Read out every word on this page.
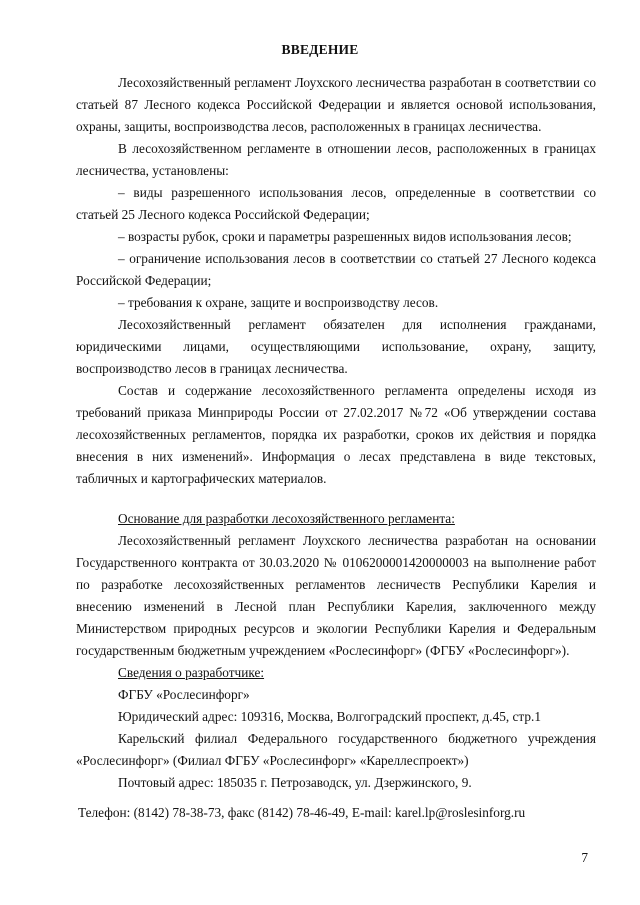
ВВЕДЕНИЕ

Лесохозяйственный регламент Лоухского лесничества разработан в соответствии со статьей 87 Лесного кодекса Российской Федерации и является основой использования, охраны, защиты, воспроизводства лесов, расположенных в границах лесничества.

В лесохозяйственном регламенте в отношении лесов, расположенных в границах лесничества, установлены:

– виды разрешенного использования лесов, определенные в соответствии со статьей 25 Лесного кодекса Российской Федерации;

– возрасты рубок, сроки и параметры разрешенных видов использования лесов;

– ограничение использования лесов в соответствии со статьей 27 Лесного кодекса Российской Федерации;

– требования к охране, защите и воспроизводству лесов.

Лесохозяйственный регламент обязателен для исполнения гражданами, юридическими лицами, осуществляющими использование, охрану, защиту, воспроизводство лесов в границах лесничества.

Состав и содержание лесохозяйственного регламента определены исходя из требований приказа Минприроды России от 27.02.2017 №72 «Об утверждении состава лесохозяйственных регламентов, порядка их разработки, сроков их действия и порядка внесения в них изменений». Информация о лесах представлена в виде текстовых, табличных и картографических материалов.

Основание для разработки лесохозяйственного регламента:

Лесохозяйственный регламент Лоухского лесничества разработан на основании Государственного контракта от 30.03.2020 № 0106200001420000003 на выполнение работ по разработке лесохозяйственных регламентов лесничеств Республики Карелия и внесению изменений в Лесной план Республики Карелия, заключенного между Министерством природных ресурсов и экологии Республики Карелия и Федеральным государственным бюджетным учреждением «Рослесинфорг» (ФГБУ «Рослесинфорг»).

Сведения о разработчике:

ФГБУ «Рослесинфорг»

Юридический адрес: 109316, Москва, Волгоградский проспект, д.45, стр.1

Карельский филиал Федерального государственного бюджетного учреждения «Рослесинфорг» (Филиал ФГБУ «Рослесинфорг» «Кареллеспроект»)

Почтовый адрес: 185035 г. Петрозаводск, ул. Дзержинского, 9.

Телефон: (8142) 78-38-73, факс (8142) 78-46-49, E-mail: karel.lp@roslesinforg.ru
7
